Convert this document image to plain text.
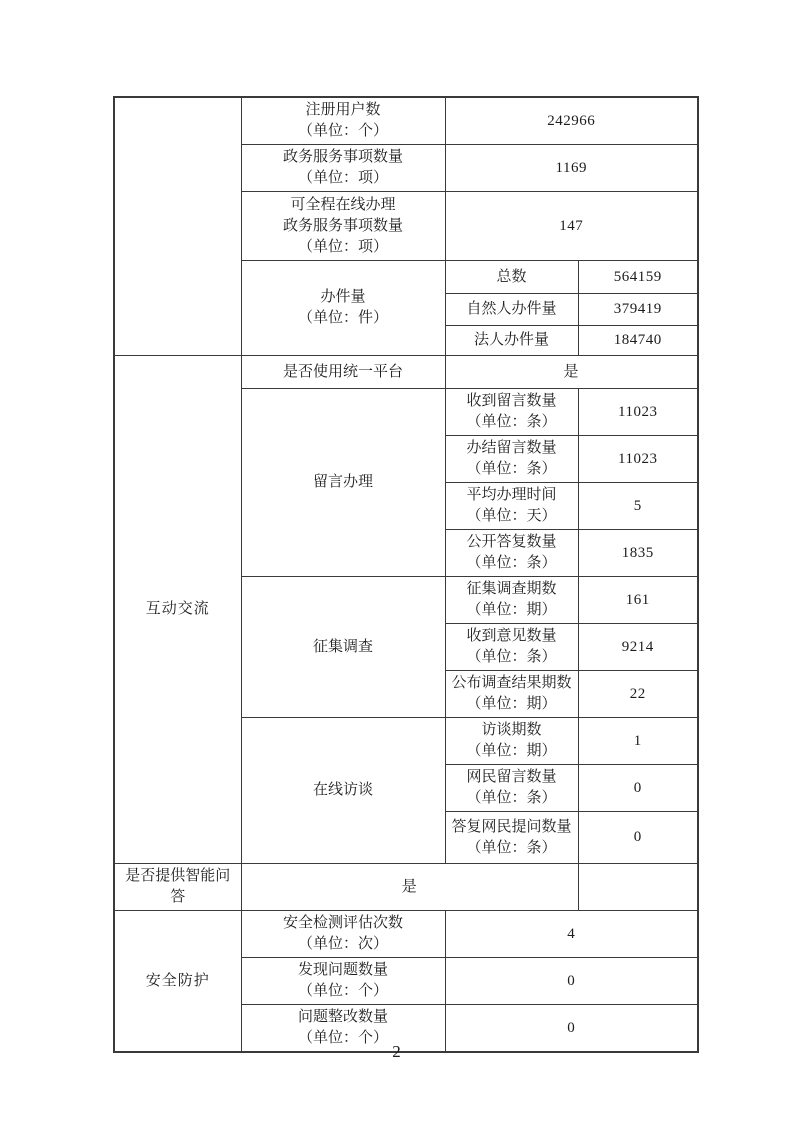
	注册用户数
（单位：个）	242966	

	政务服务事项数量
（单位：项）	1169	

	可全程在线办理
政务服务事项数量
（单位：项）	147	

	办件量
（单位：件）	总数	564159
		自然人办件量	379419
		法人办件量	184740
互动交流	是否使用统一平台	是	
	留言办理	收到留言数量
（单位：条）	11023

		办结留言数量
（单位：条）	11023

		平均办理时间
（单位：天）	5

		公开答复数量
（单位：条）	1835
	征集调查	征集调查期数
（单位：期）	161

		收到意见数量
（单位：条）	9214

		公布调查结果期数
（单位：期）	22
	在线访谈	访谈期数
（单位：期）	1

		网民留言数量
（单位：条）	0

		答复网民提问数量
（单位：条）	0
是否提供智能问答	是		
安全防护	安全检测评估次数
（单位：次）	4	

	发现问题数量
（单位：个）	0	

	问题整改数量
（单位：个）	0	
2
